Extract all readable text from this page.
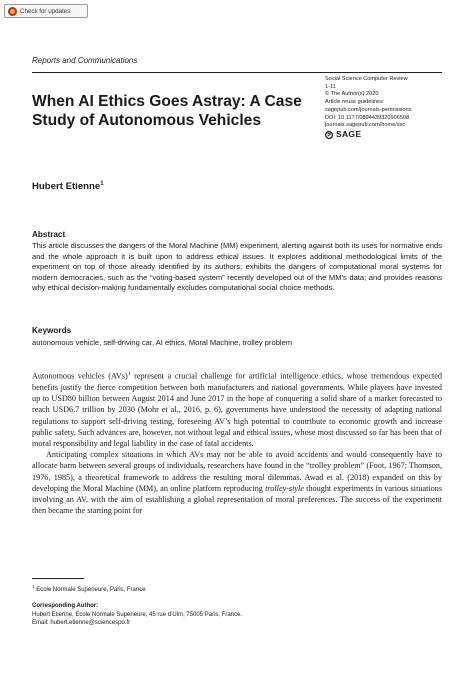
Check for updates
Reports and Communications
Social Science Computer Review
1-11
© The Author(s) 2020
Article reuse guidelines:
sagepub.com/journals-permissions
DOI: 10.1177/0894439320906508
journals.sagepub.com/home/ssc
SAGE
When AI Ethics Goes Astray: A Case Study of Autonomous Vehicles
Hubert Etienne$^1$
Abstract

This article discusses the dangers of the Moral Machine (MM) experiment, alerting against both its uses for normative ends and the whole approach it is built upon to address ethical issues. It explores additional methodological limits of the experiment on top of those already identified by its authors; exhibits the dangers of computational moral systems for modern democracies, such as the “voting-based system” recently developed out of the MM’s data; and provides reasons why ethical decision-making fundamentally excludes computational social choice methods.

Keywords
autonomous vehicle, self-driving car, AI ethics, Moral Machine, trolley problem

Autonomous vehicles (AVs)$^1$ represent a crucial challenge for artificial intelligence ethics, whose tremendous expected benefits justify the fierce competition between both manufacturers and national governments. While players have invested up to USD80 billion between August 2014 and June 2017 in the hope of conquering a solid share of a market forecasted to reach USD6.7 trillion by 2030 (Mohr et al., 2016, p. 6), governments have understood the necessity of adapting national regulations to support self-driving testing, foreseeing AV’s high potential to contribute to economic growth and increase public safety. Such advances are, however, not without legal and ethical issues, whose most discussed so far has been that of moral responsibility and legal liability in the case of fatal accidents.

Anticipating complex situations in which AVs may not be able to avoid accidents and would consequently have to allocate harm between several groups of individuals, researchers have found in the “trolley problem” (Foot, 1967; Thomson, 1976, 1985), a theoretical framework to address the resulting moral dilemmas. Awad et al. (2018) expanded on this by developing the Moral Machine (MM), an online platform reproducing trolley-style thought experiments in various situations involving an AV, with the aim of establishing a global representation of moral preferences. The success of the experiment then became the starting point for

$^1$ Ecole Normale Supérieure, Paris, France
Corresponding Author:
Hubert Etienne, Ecole Normale Supérieure, 45 rue d’Ulm, 75005 Paris, France.
Email: hubert.etienne@sciencespo.fr
